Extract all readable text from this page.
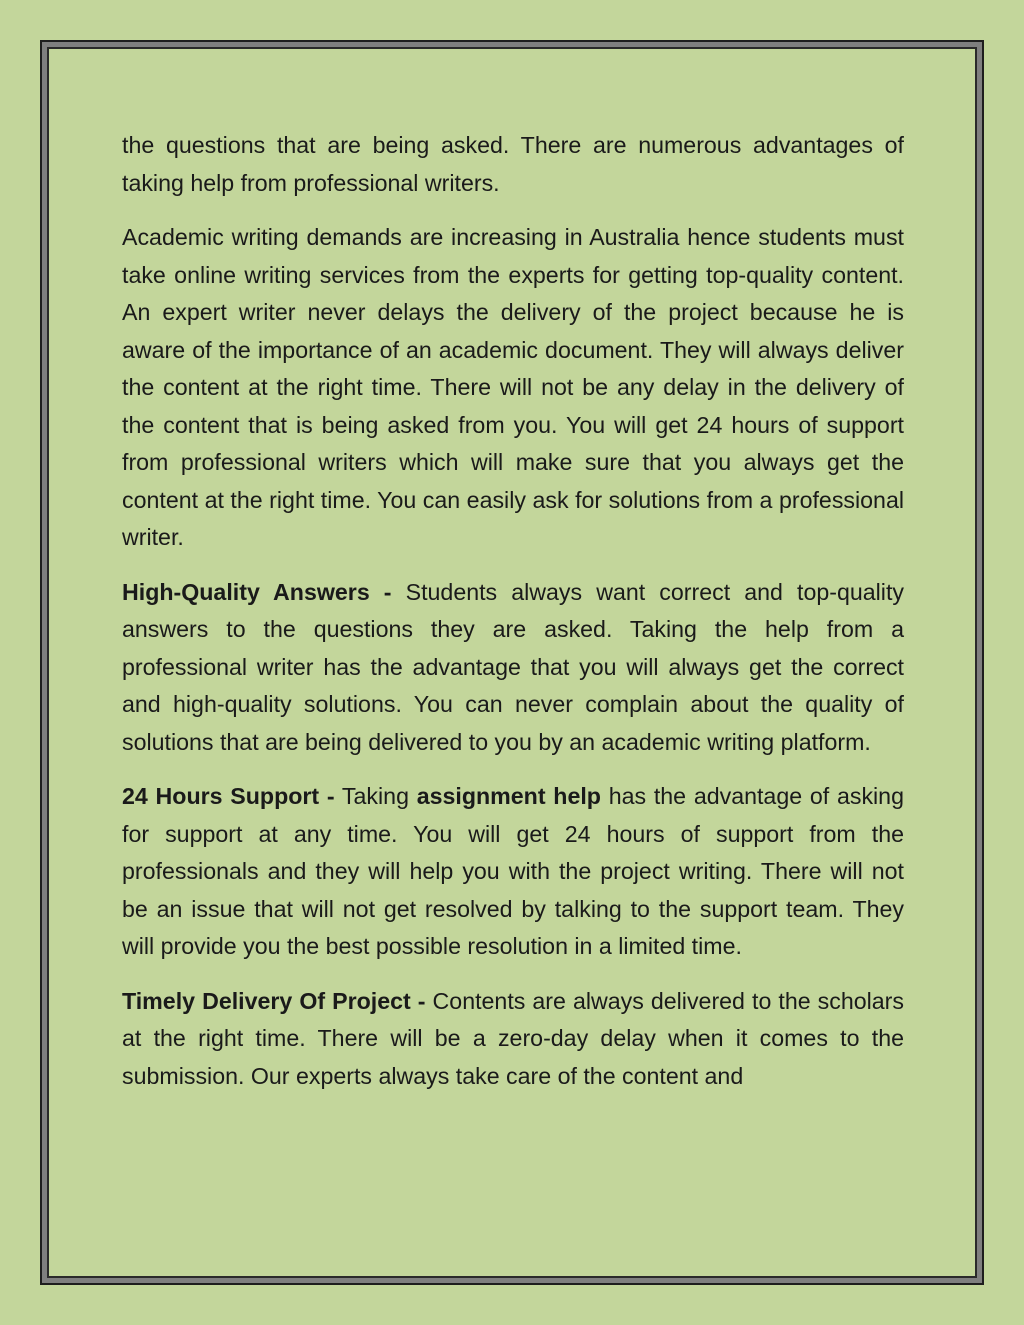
the questions that are being asked. There are numerous advantages of taking help from professional writers.

Academic writing demands are increasing in Australia hence students must take online writing services from the experts for getting top-quality content. An expert writer never delays the delivery of the project because he is aware of the importance of an academic document. They will always deliver the content at the right time. There will not be any delay in the delivery of the content that is being asked from you. You will get 24 hours of support from professional writers which will make sure that you always get the content at the right time. You can easily ask for solutions from a professional writer.

High-Quality Answers - Students always want correct and top-quality answers to the questions they are asked. Taking the help from a professional writer has the advantage that you will always get the correct and high-quality solutions. You can never complain about the quality of solutions that are being delivered to you by an academic writing platform.

24 Hours Support - Taking assignment help has the advantage of asking for support at any time. You will get 24 hours of support from the professionals and they will help you with the project writing. There will not be an issue that will not get resolved by talking to the support team. They will provide you the best possible resolution in a limited time.

Timely Delivery Of Project - Contents are always delivered to the scholars at the right time. There will be a zero-day delay when it comes to the submission. Our experts always take care of the content and
